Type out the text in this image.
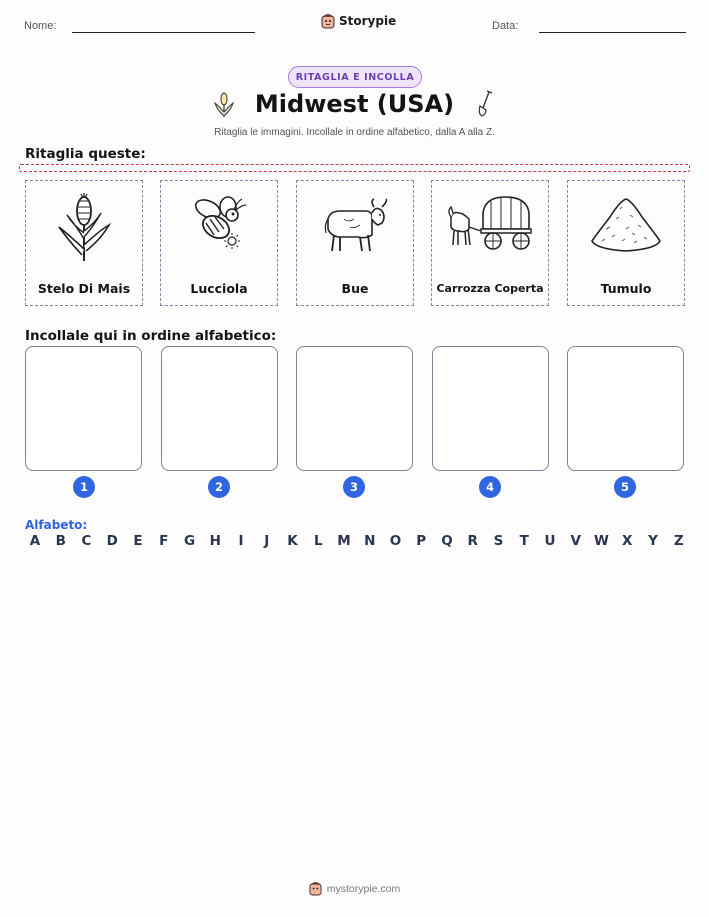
Nome:	Storypie	Data:
RITAGLIA E INCOLLA
Midwest (USA)
Ritaglia le immagini. Incollale in ordine alfabetico, dalla A alla Z.
Ritaglia queste:
Stelo Di Mais	Lucciola	Bue	Carrozza Coperta	Tumulo
Incollale qui in ordine alfabetico:
1	2	3	4	5
Alfabeto:
A B C D E F G H	I	J	K L M N O P Q R S T U V W X Y Z
mystorypie.com
